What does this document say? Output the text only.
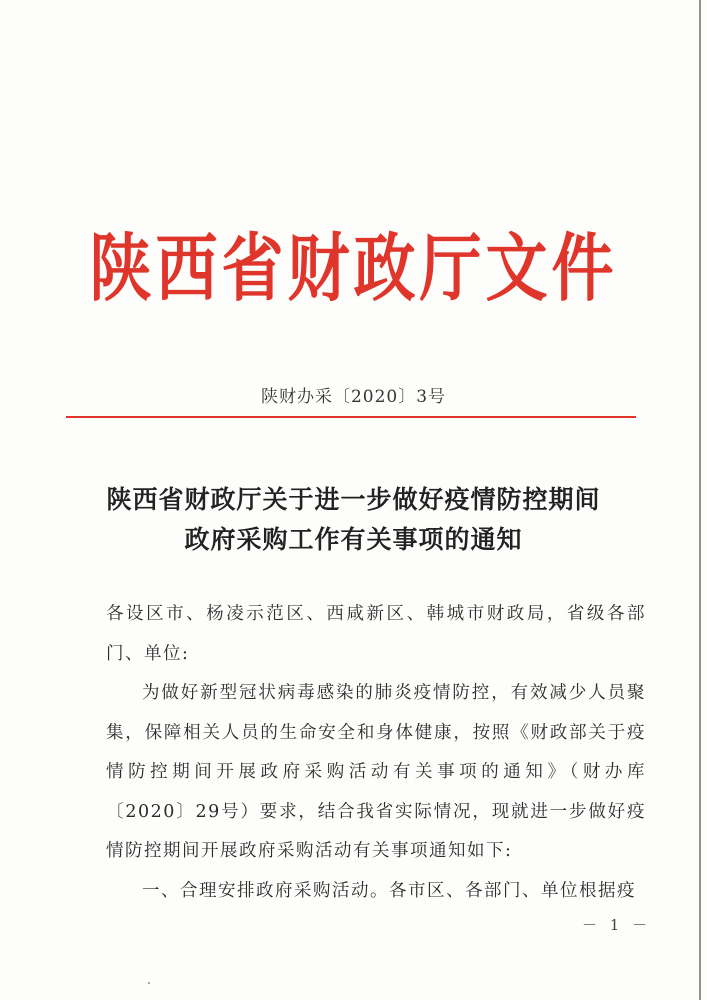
陕西省财政厅文件
陕财办采〔2020〕3号
陕西省财政厅关于进一步做好疫情防控期间
政府采购工作有关事项的通知

各设区市、杨凌示范区、西咸新区、韩城市财政局，省级各部门、单位:

为做好新型冠状病毒感染的肺炎疫情防控，有效减少人员聚集，保障相关人员的生命安全和身体健康，按照《财政部关于疫情防控期间开展政府采购活动有关事项的通知》（财办库〔2020〕29号）要求，结合我省实际情况，现就进一步做好疫情防控期间开展政府采购活动有关事项通知如下:

一、合理安排政府采购活动。各市区、各部门、单位根据疫

－ 1 －
